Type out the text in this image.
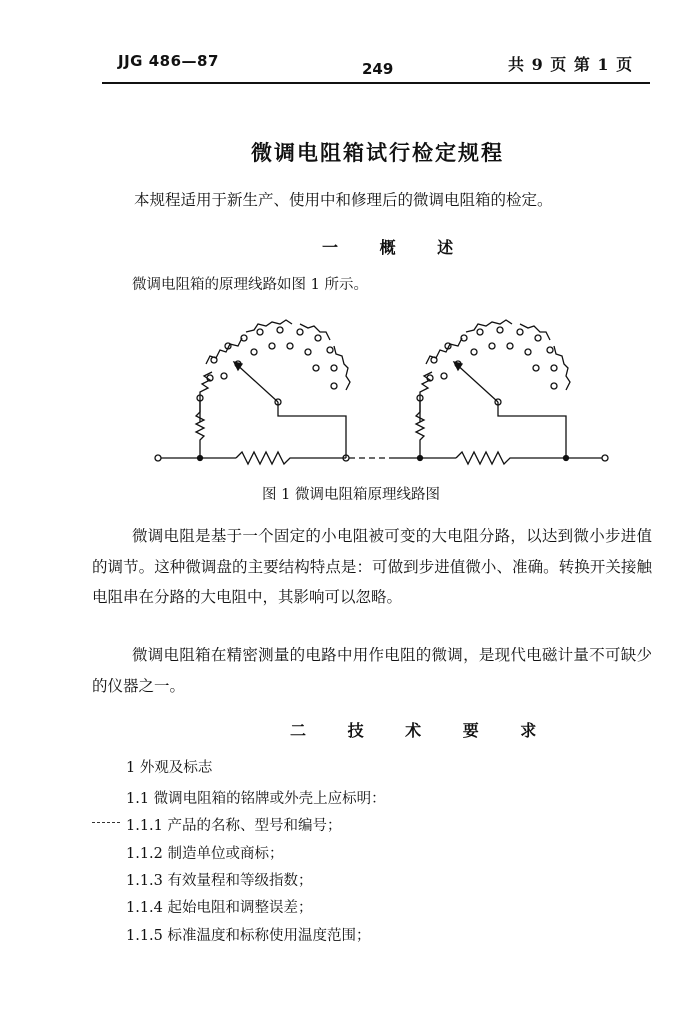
JJG 486—87	249	共 9 页 第 1 页
微调电阻箱试行检定规程
本规程适用于新生产、使用中和修理后的微调电阻箱的检定。
一 概 述
微调电阻箱的原理线路如图 1 所示。
图 1 微调电阻箱原理线路图
微调电阻是基于一个固定的小电阻被可变的大电阻分路，以达到微小步进值的调节。这种微调盘的主要结构特点是：可做到步进值微小、准确。转换开关接触电阻串在分路的大电阻中，其影响可以忽略。
微调电阻箱在精密测量的电路中用作电阻的微调，是现代电磁计量不可缺少的仪器之一。
二 技 术 要 求
1 外观及标志
1.1 微调电阻箱的铭牌或外壳上应标明：
1.1.1 产品的名称、型号和编号；
1.1.2 制造单位或商标；
1.1.3 有效量程和等级指数；
1.1.4 起始电阻和调整误差；
1.1.5 标准温度和标称使用温度范围；
